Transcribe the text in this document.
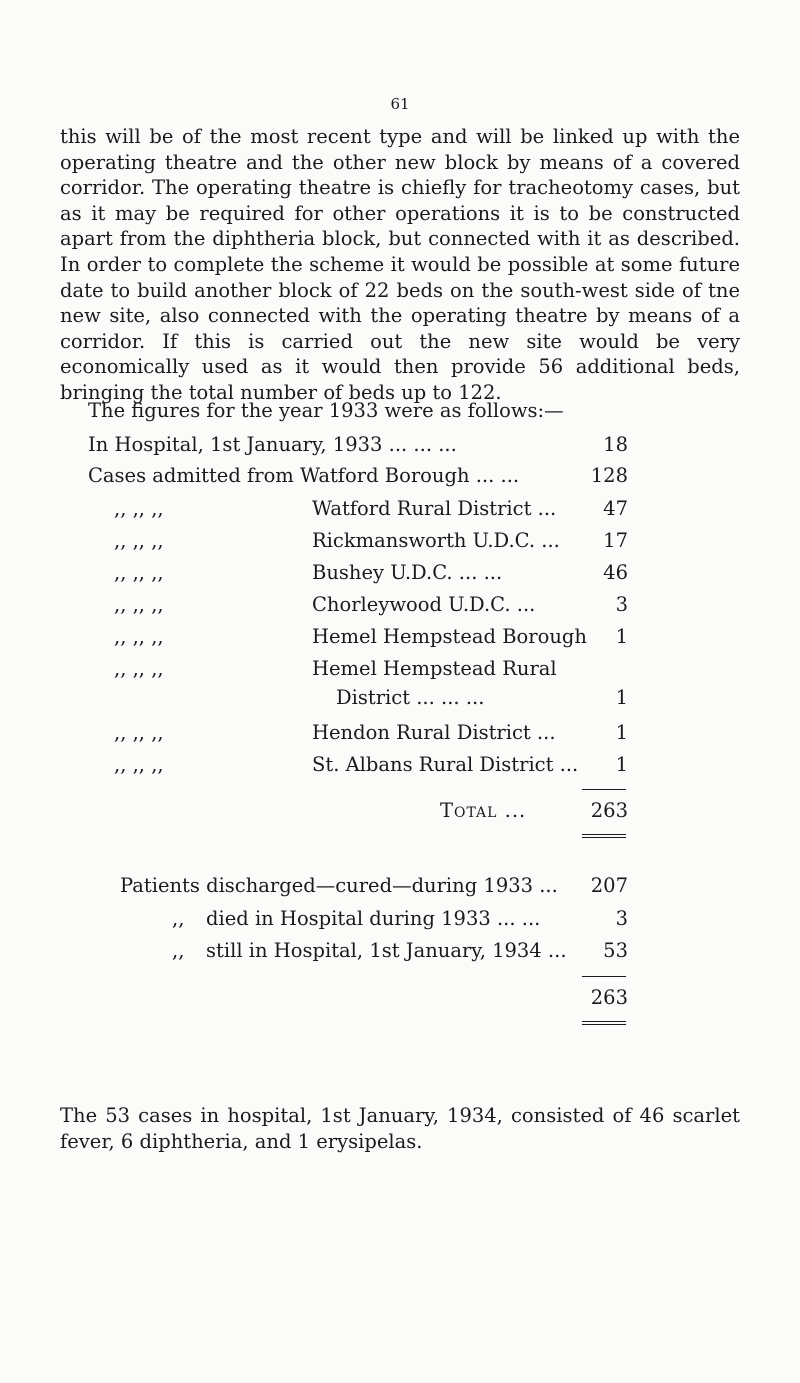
61

this will be of the most recent type and will be linked up with the operating theatre and the other new block by means of a covered corridor. The operating theatre is chiefly for tracheotomy cases, but as it may be required for other operations it is to be constructed apart from the diphtheria block, but connected with it as described. In order to complete the scheme it would be possible at some future date to build another block of 22 beds on the south-west side of tne new site, also connected with the operating theatre by means of a corridor. If this is carried out the new site would be very economically used as it would then provide 56 additional beds, bringing the total number of beds up to 122.

The figures for the year 1933 were as follows:—

In Hospital, 1st January, 1933 ... ... ...	18
Cases admitted from Watford Borough ... ...	128
,, ,, ,,	Watford Rural District ...	47
,, ,, ,,	Rickmansworth U.D.C. ...	17
,, ,, ,,	Bushey U.D.C. ... ...	46
,, ,, ,,	Chorleywood U.D.C. ...	3
,, ,, ,,	Hemel Hempstead Borough	1
,, ,, ,,	Hemel Hempstead Rural
District ... ... ...	1
,, ,, ,,	Hendon Rural District ...	1
,, ,, ,,	St. Albans Rural District ...	1
Total ...	263
Patients discharged—cured—during 1933 ...	207
,, died in Hospital during 1933 ... ...	3
,, still in Hospital, 1st January, 1934 ...	53
263

The 53 cases in hospital, 1st January, 1934, consisted of 46 scarlet fever, 6 diphtheria, and 1 erysipelas.
